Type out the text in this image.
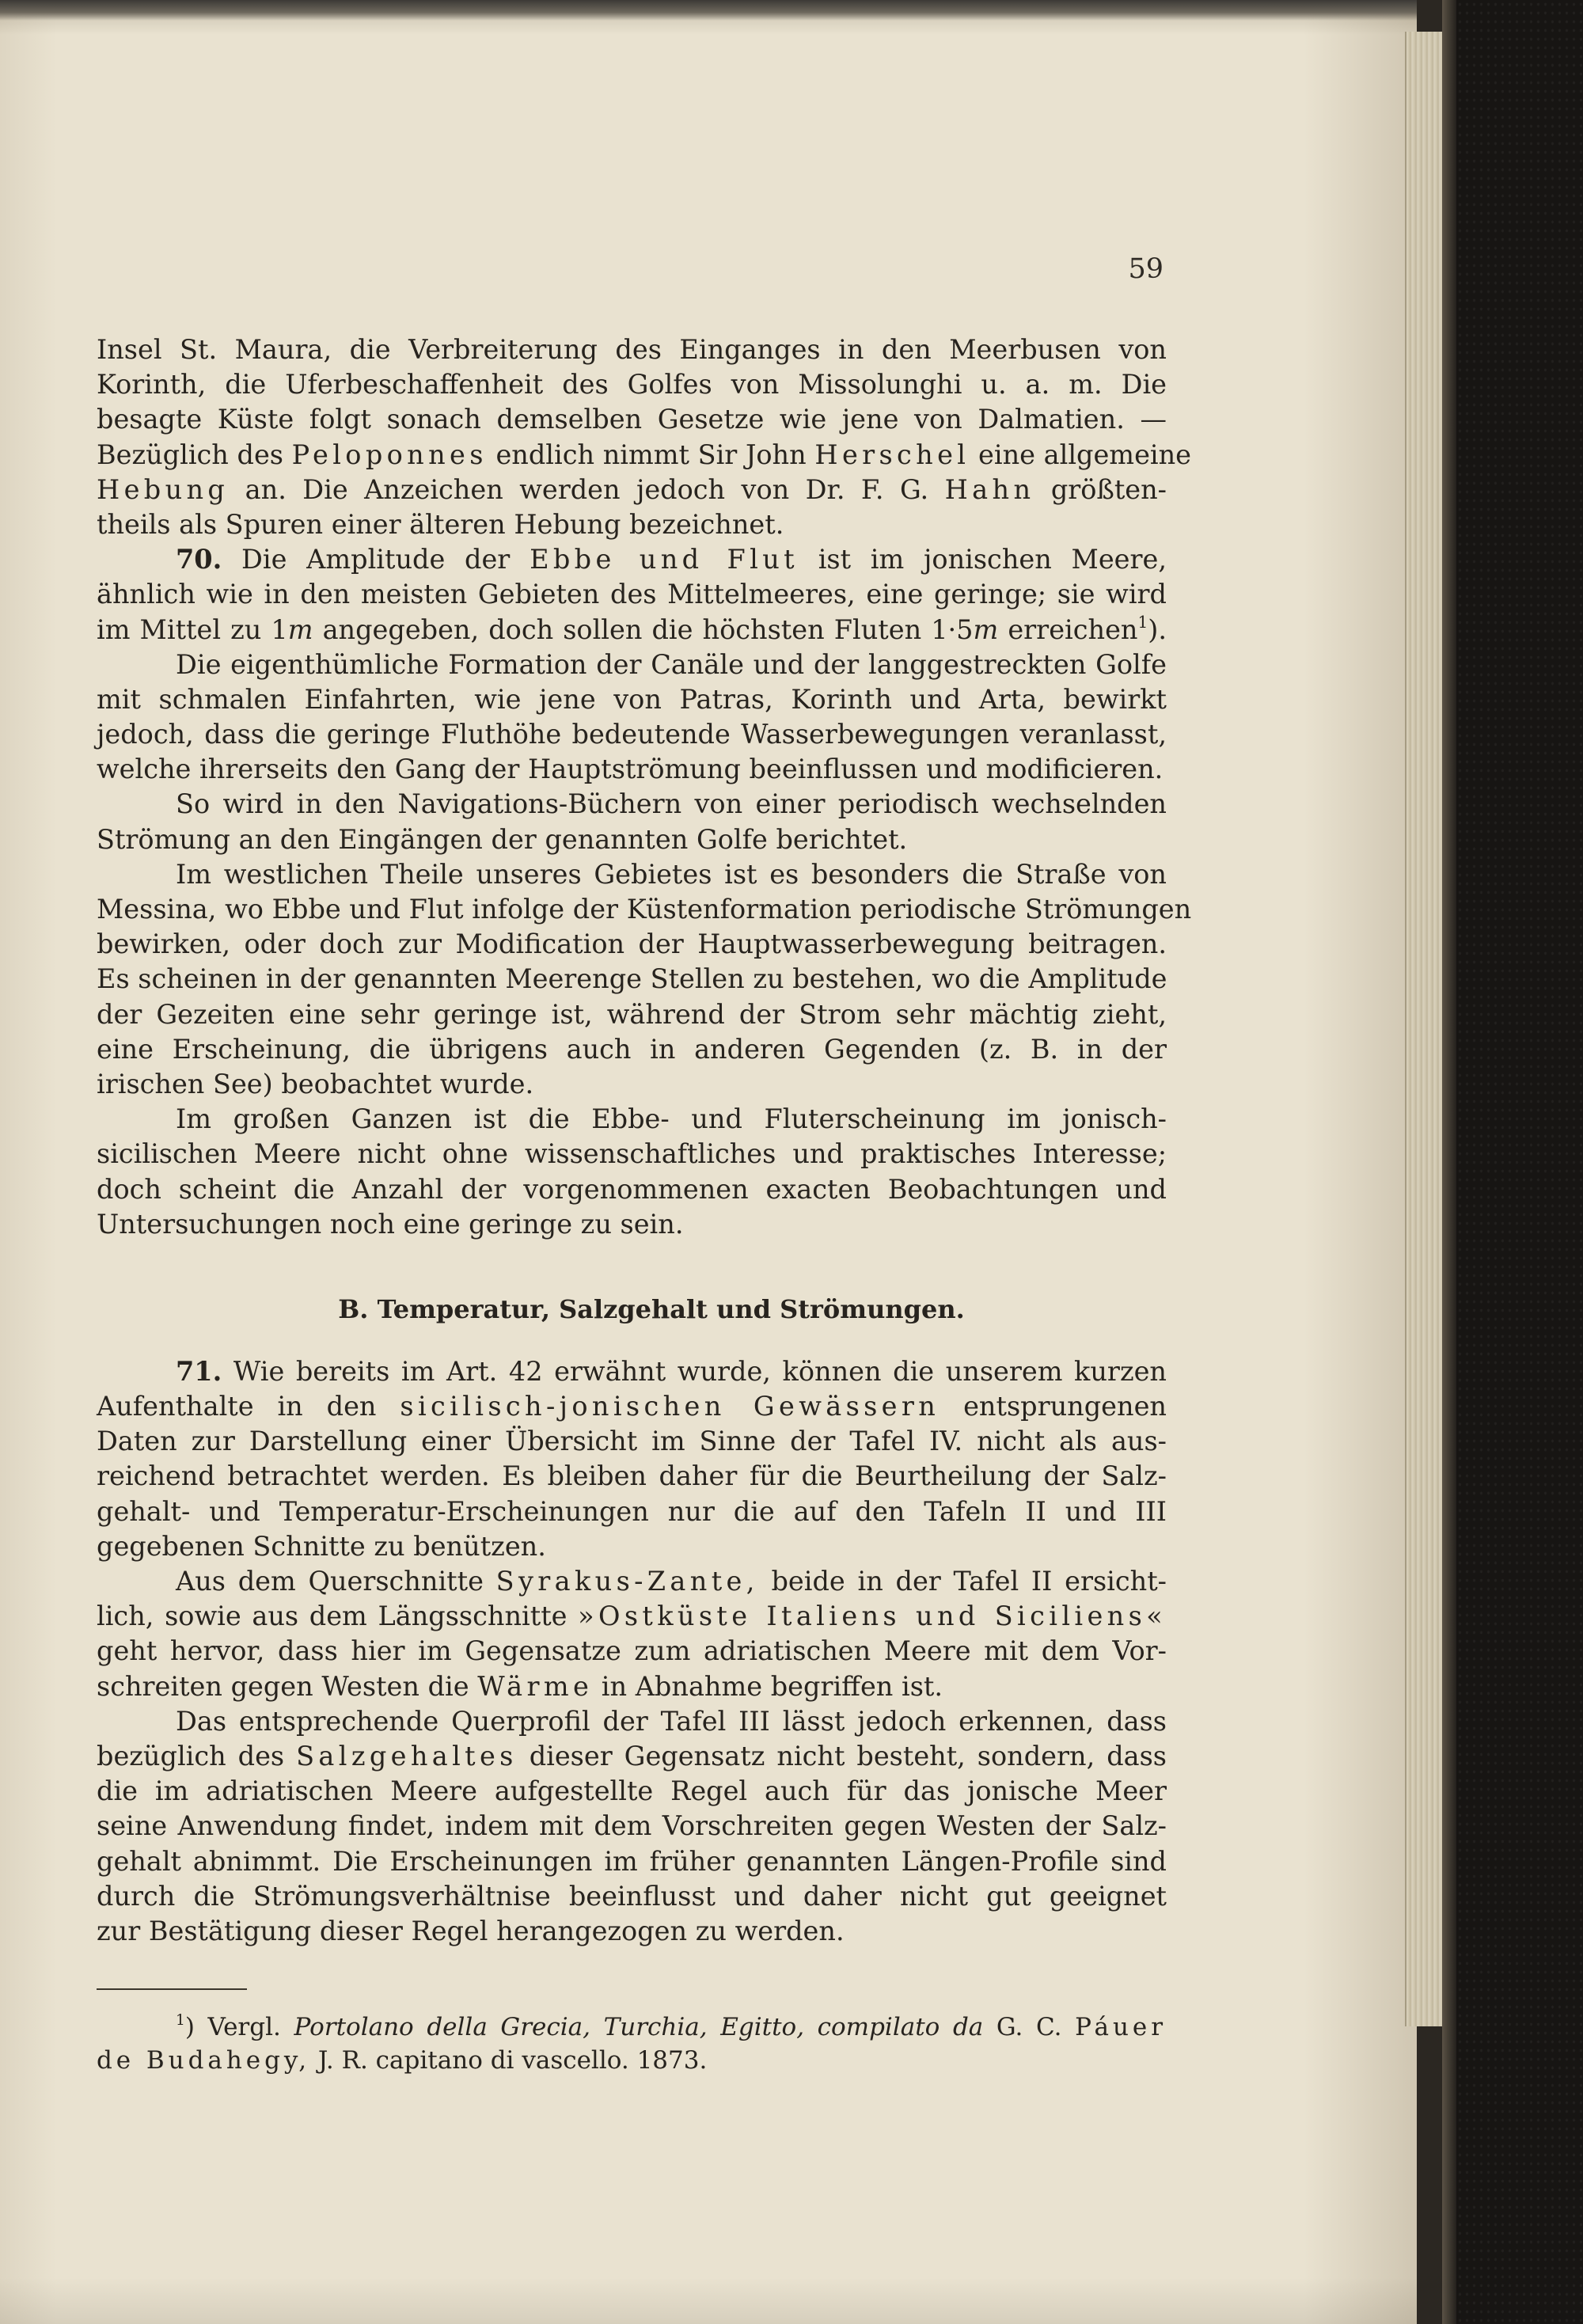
59
Insel St. Maura, die Verbreiterung des Einganges in den Meerbusen von
Korinth, die Uferbeschaffenheit des Golfes von Missolunghi u. a. m. Die
besagte Küste folgt sonach demselben Gesetze wie jene von Dalmatien. —
Bezüglich des Peloponnes endlich nimmt Sir John Herschel eine allgemeine
Hebung an. Die Anzeichen werden jedoch von Dr. F. G. Hahn größten-
theils als Spuren einer älteren Hebung bezeichnet.
70. Die Amplitude der Ebbe und Flut ist im jonischen Meere,
ähnlich wie in den meisten Gebieten des Mittelmeeres, eine geringe; sie wird
im Mittel zu 1m angegeben, doch sollen die höchsten Fluten 1·5m erreichen$^1$).
Die eigenthümliche Formation der Canäle und der langgestreckten Golfe
mit schmalen Einfahrten, wie jene von Patras, Korinth und Arta, bewirkt
jedoch, dass die geringe Fluthöhe bedeutende Wasserbewegungen veranlasst,
welche ihrerseits den Gang der Hauptströmung beeinflussen und modificieren.
So wird in den Navigations-Büchern von einer periodisch wechselnden
Strömung an den Eingängen der genannten Golfe berichtet.
Im westlichen Theile unseres Gebietes ist es besonders die Straße von
Messina, wo Ebbe und Flut infolge der Küstenformation periodische Strömungen
bewirken, oder doch zur Modification der Hauptwasserbewegung beitragen.
Es scheinen in der genannten Meerenge Stellen zu bestehen, wo die Amplitude
der Gezeiten eine sehr geringe ist, während der Strom sehr mächtig zieht,
eine Erscheinung, die übrigens auch in anderen Gegenden (z. B. in der
irischen See) beobachtet wurde.
Im großen Ganzen ist die Ebbe- und Fluterscheinung im jonisch-
sicilischen Meere nicht ohne wissenschaftliches und praktisches Interesse;
doch scheint die Anzahl der vorgenommenen exacten Beobachtungen und
Untersuchungen noch eine geringe zu sein.
B. Temperatur, Salzgehalt und Strömungen.
71. Wie bereits im Art. 42 erwähnt wurde, können die unserem kurzen
Aufenthalte in den sicilisch-jonischen Gewässern entsprungenen
Daten zur Darstellung einer Übersicht im Sinne der Tafel IV. nicht als aus-
reichend betrachtet werden. Es bleiben daher für die Beurtheilung der Salz-
gehalt- und Temperatur-Erscheinungen nur die auf den Tafeln II und III
gegebenen Schnitte zu benützen.
Aus dem Querschnitte Syrakus-Zante, beide in der Tafel II ersicht-
lich, sowie aus dem Längsschnitte »Ostküste Italiens und Siciliens«
geht hervor, dass hier im Gegensatze zum adriatischen Meere mit dem Vor-
schreiten gegen Westen die Wärme in Abnahme begriffen ist.
Das entsprechende Querprofil der Tafel III lässt jedoch erkennen, dass
bezüglich des Salzgehaltes dieser Gegensatz nicht besteht, sondern, dass
die im adriatischen Meere aufgestellte Regel auch für das jonische Meer
seine Anwendung findet, indem mit dem Vorschreiten gegen Westen der Salz-
gehalt abnimmt. Die Erscheinungen im früher genannten Längen-Profile sind
durch die Strömungsverhältnise beeinflusst und daher nicht gut geeignet
zur Bestätigung dieser Regel herangezogen zu werden.
$^1$) Vergl. Portolano della Grecia, Turchia, Egitto, compilato da G. C. Páuer
de Budahegy, J. R. capitano di vascello. 1873.
